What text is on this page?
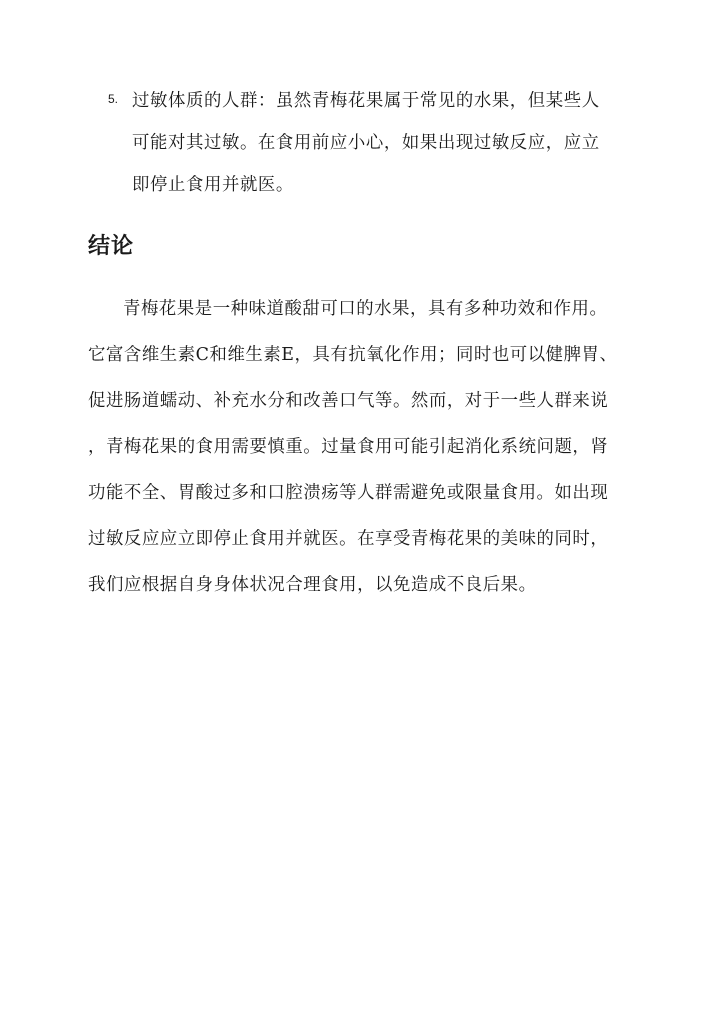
5. 过敏体质的人群：虽然青梅花果属于常见的水果，但某些人
可能对其过敏。在食用前应小心，如果出现过敏反应，应立
即停止食用并就医。
结论
青梅花果是一种味道酸甜可口的水果，具有多种功效和作用。
它富含维生素C和维生素E，具有抗氧化作用；同时也可以健脾胃、
促进肠道蠕动、补充水分和改善口气等。然而，对于一些人群来说
，青梅花果的食用需要慎重。过量食用可能引起消化系统问题，肾
功能不全、胃酸过多和口腔溃疡等人群需避免或限量食用。如出现
过敏反应应立即停止食用并就医。在享受青梅花果的美味的同时，
我们应根据自身身体状况合理食用，以免造成不良后果。
